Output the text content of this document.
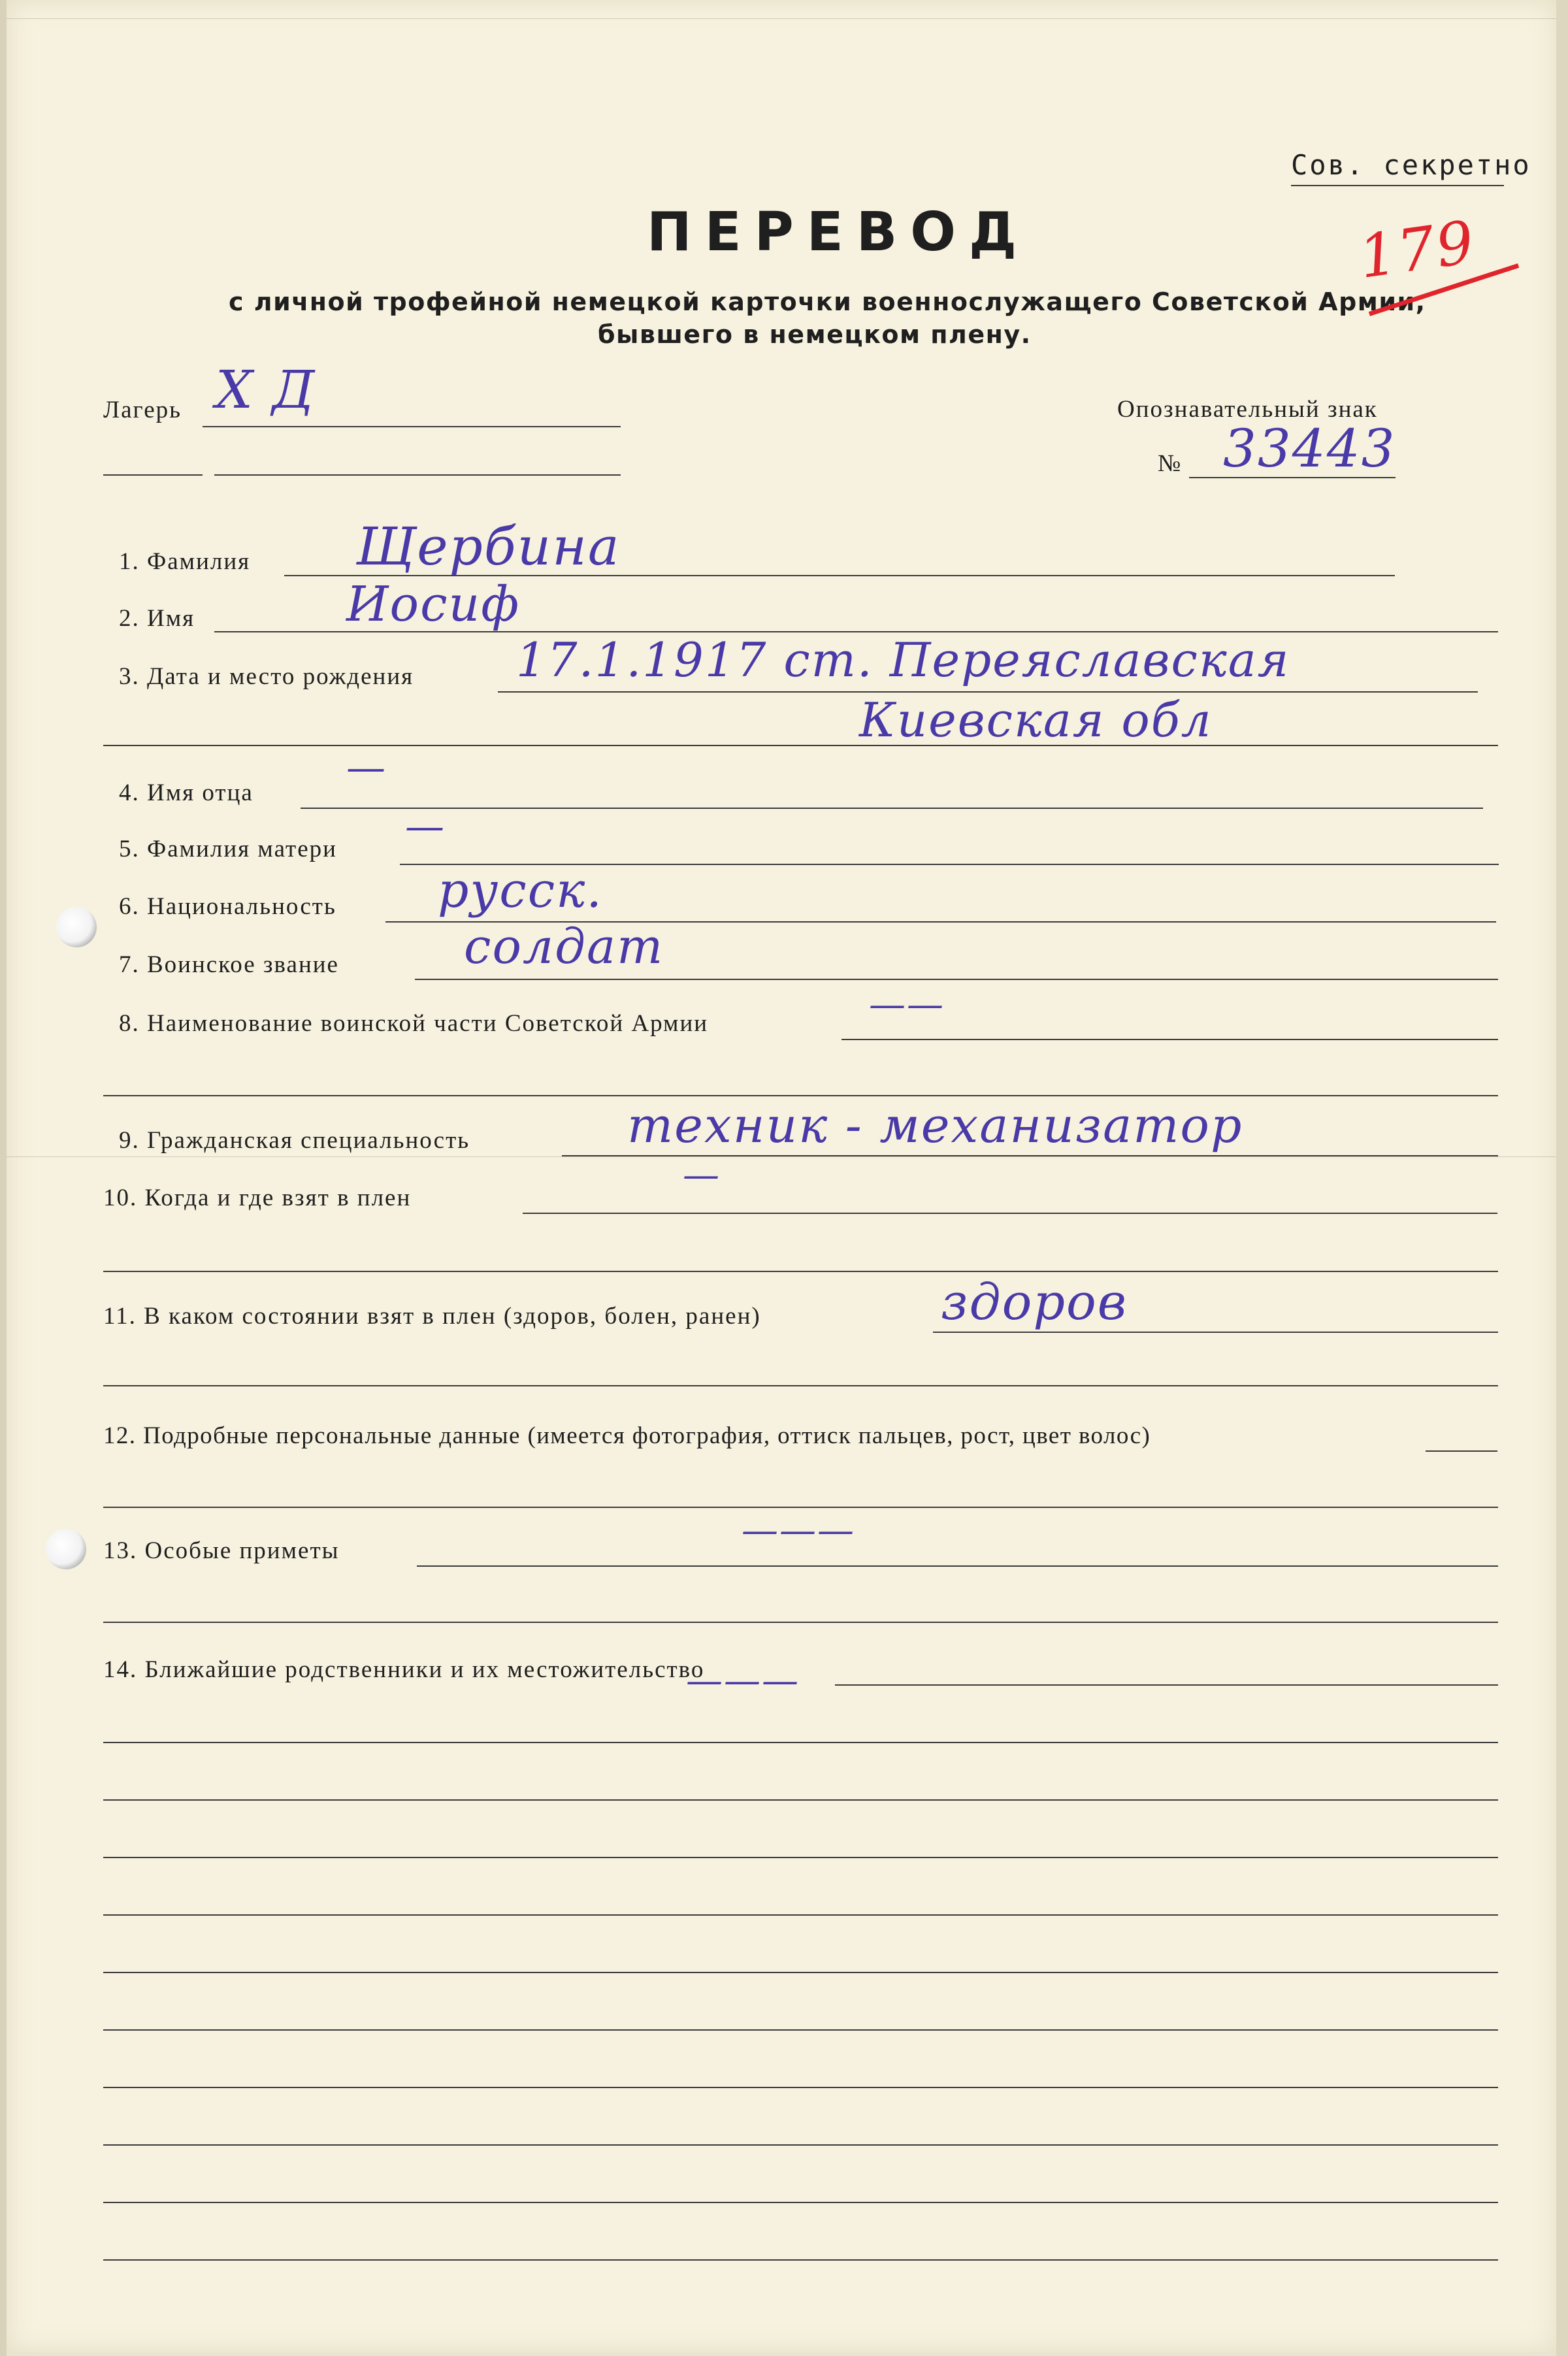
Сов. секретно
ПЕРЕВОД
с личной трофейной немецкой карточки военнослужащего Советской Армии,
бывшего в немецком плену.
179
Лагерь Х Д	Опознавательный знак
№ 33443
1. Фамилия Щербина
2. Имя	Иосиф
3. Дата и место рождения 17.1.1917 ст. Переяславская
Киевская обл
4. Имя отца
—
5. Фамилия матери —
6. Национальность русск.
7. Воинское звание	солдат
8. Наименование воинской части Советской Армии	——
9. Гражданская специальность	техник - механизатор
10. Когда и где взят в плен
—
11. В каком состоянии взят в плен (здоров, болен, ранен)	здоров
12. Подробные персональные данные (имеется фотография, оттиск пальцев, рост, цвет волос)
13. Особые приметы	———
14. Ближайшие родственники и их местожительство
———
